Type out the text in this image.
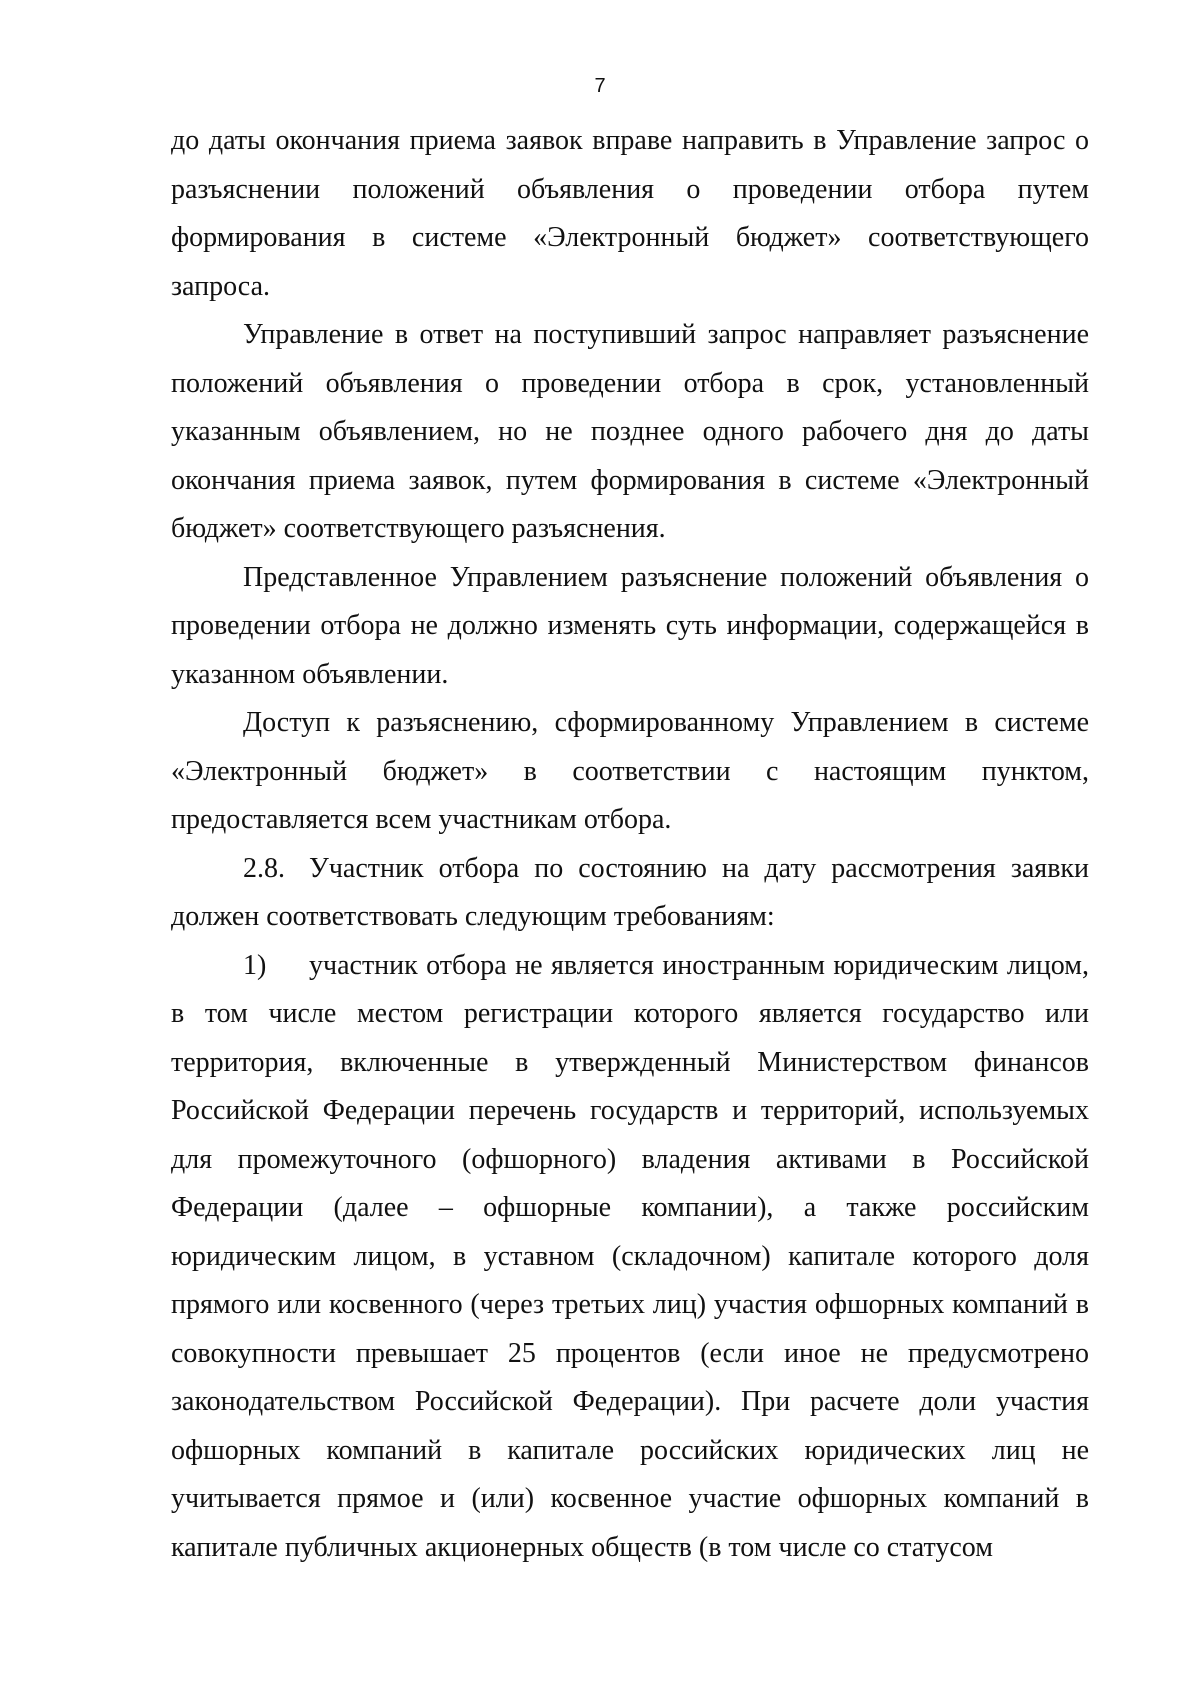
7

до даты окончания приема заявок вправе направить в Управление запрос о разъяснении положений объявления о проведении отбора путем формирования в системе «Электронный бюджет» соответствующего запроса.

Управление в ответ на поступивший запрос направляет разъяснение положений объявления о проведении отбора в срок, установленный указанным объявлением, но не позднее одного рабочего дня до даты окончания приема заявок, путем формирования в системе «Электронный бюджет» соответствующего разъяснения.

Представленное Управлением разъяснение положений объявления о проведении отбора не должно изменять суть информации, содержащейся в указанном объявлении.

Доступ к разъяснению, сформированному Управлением в системе «Электронный бюджет» в соответствии с настоящим пунктом, предоставляется всем участникам отбора.

2.8. Участник отбора по состоянию на дату рассмотрения заявки должен соответствовать следующим требованиям:

1) участник отбора не является иностранным юридическим лицом, в том числе местом регистрации которого является государство или территория, включенные в утвержденный Министерством финансов Российской Федерации перечень государств и территорий, используемых для промежуточного (офшорного) владения активами в Российской Федерации (далее – офшорные компании), а также российским юридическим лицом, в уставном (складочном) капитале которого доля прямого или косвенного (через третьих лиц) участия офшорных компаний в совокупности превышает 25 процентов (если иное не предусмотрено законодательством Российской Федерации). При расчете доли участия офшорных компаний в капитале российских юридических лиц не учитывается прямое и (или) косвенное участие офшорных компаний в капитале публичных акционерных обществ (в том числе со статусом
